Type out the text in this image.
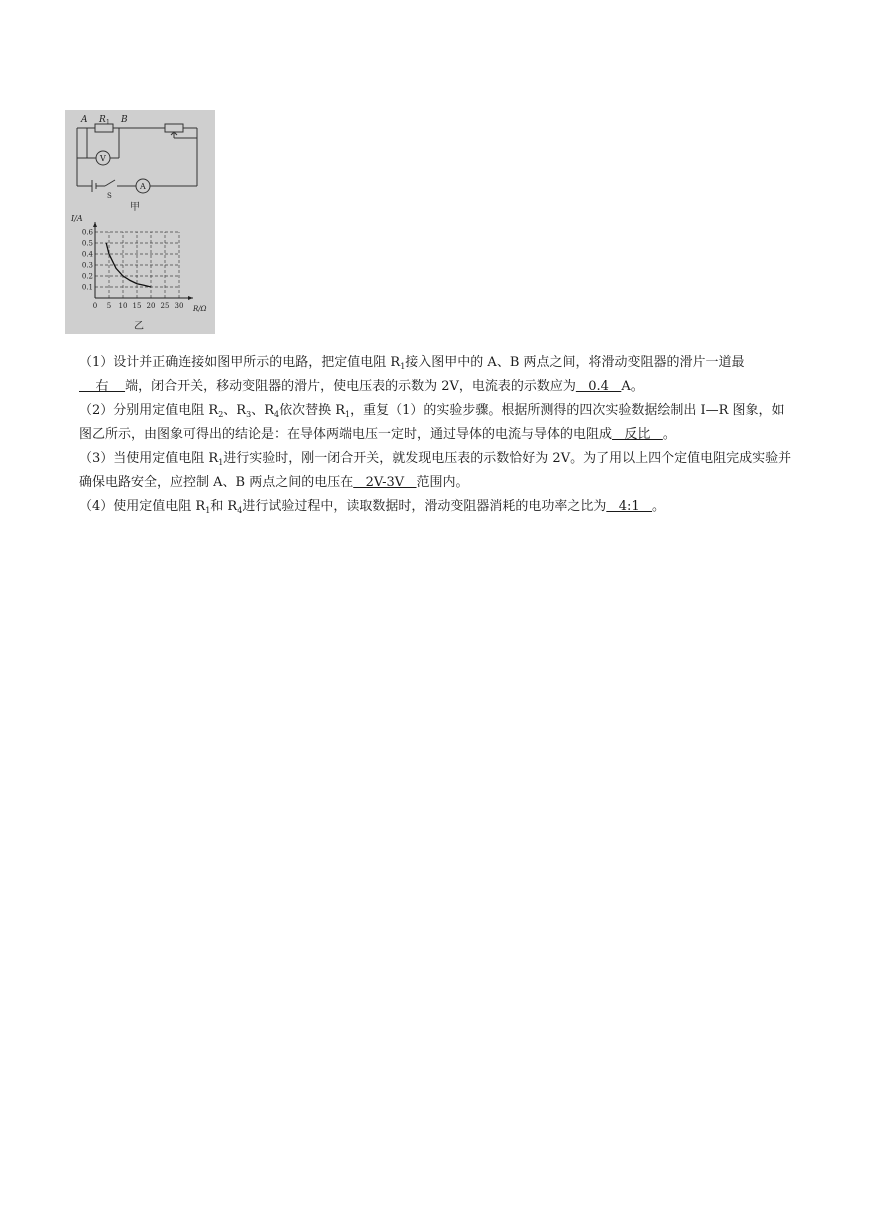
A R 1 B
V
A
S
甲
0.1
0.2
0.3
0.4
0.5
0.6
0 5 10 15 20 25 30
I/A
R/Ω
乙

（1）设计并正确连接如图甲所示的电路，把定值电阻 $R_1$接入图甲中的 A、B 两点之间，将滑动变阻器的滑片一道最    右    端，闭合开关，移动变阻器的滑片，使电压表的示数为 2V，电流表的示数应为   0.4   A。

（2）分别用定值电阻 $R_2$、$R_3$、$R_4$依次替换 $R_1$，重复（1）的实验步骤。根据所测得的四次实验数据绘制出 I—R 图象，如图乙所示，由图象可得出的结论是：在导体两端电压一定时，通过导体的电流与导体的电阻成   反比   。

（3）当使用定值电阻 $R_1$进行实验时，刚一闭合开关，就发现电压表的示数恰好为 2V。为了用以上四个定值电阻完成实验并确保电路安全，应控制 A、B 两点之间的电压在   2V-3V   范围内。

（4）使用定值电阻 $R_1$和 $R_4$进行试验过程中，读取数据时，滑动变阻器消耗的电功率之比为   4:1   。
